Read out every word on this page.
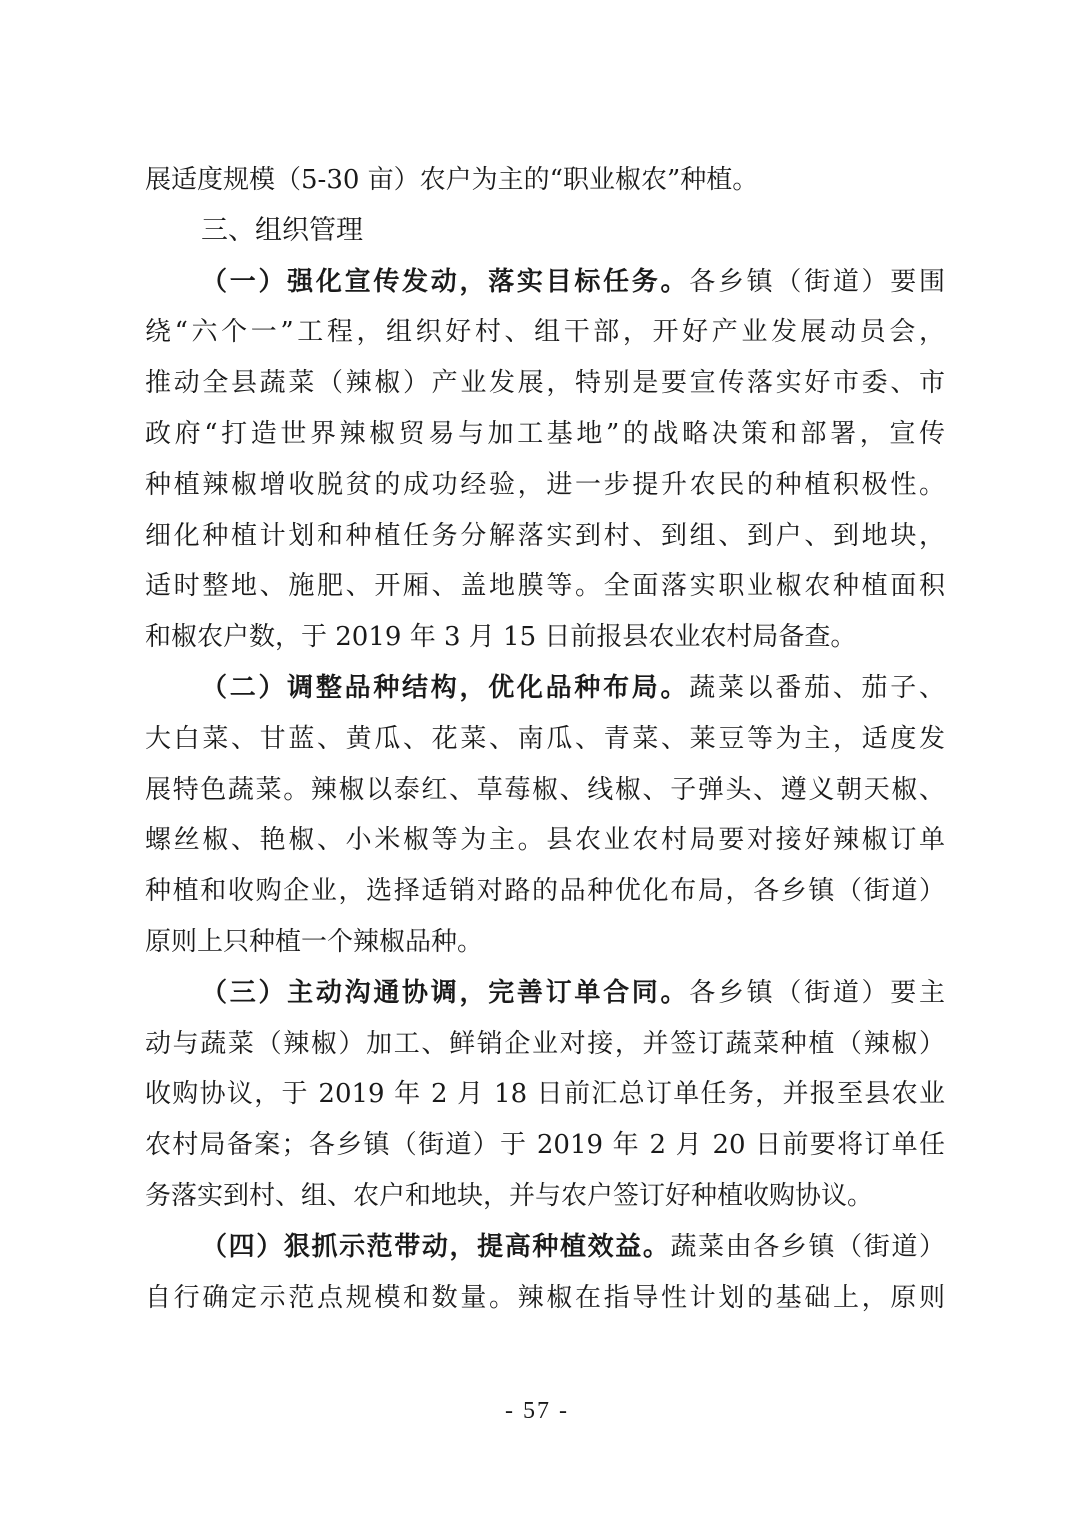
展适度规模（5-30 亩）农户为主的“职业椒农”种植。
三、组织管理
（一）强化宣传发动，落实目标任务。各乡镇（街道）要围
绕“六个一”工程，组织好村、组干部，开好产业发展动员会，
推动全县蔬菜（辣椒）产业发展，特别是要宣传落实好市委、市
政府“打造世界辣椒贸易与加工基地”的战略决策和部署，宣传
种植辣椒增收脱贫的成功经验，进一步提升农民的种植积极性。
细化种植计划和种植任务分解落实到村、到组、到户、到地块，
适时整地、施肥、开厢、盖地膜等。全面落实职业椒农种植面积
和椒农户数，于 2019 年 3 月 15 日前报县农业农村局备查。
（二）调整品种结构，优化品种布局。蔬菜以番茄、茄子、
大白菜、甘蓝、黄瓜、花菜、南瓜、青菜、莱豆等为主，适度发
展特色蔬菜。辣椒以泰红、草莓椒、线椒、子弹头、遵义朝天椒、
螺丝椒、艳椒、小米椒等为主。县农业农村局要对接好辣椒订单
种植和收购企业，选择适销对路的品种优化布局，各乡镇（街道）
原则上只种植一个辣椒品种。
（三）主动沟通协调，完善订单合同。各乡镇（街道）要主
动与蔬菜（辣椒）加工、鲜销企业对接，并签订蔬菜种植（辣椒）
收购协议，于 2019 年 2 月 18 日前汇总订单任务，并报至县农业
农村局备案；各乡镇（街道）于 2019 年 2 月 20 日前要将订单任
务落实到村、组、农户和地块，并与农户签订好种植收购协议。
（四）狠抓示范带动，提高种植效益。蔬菜由各乡镇（街道）
自行确定示范点规模和数量。辣椒在指导性计划的基础上，原则
- 57 -
